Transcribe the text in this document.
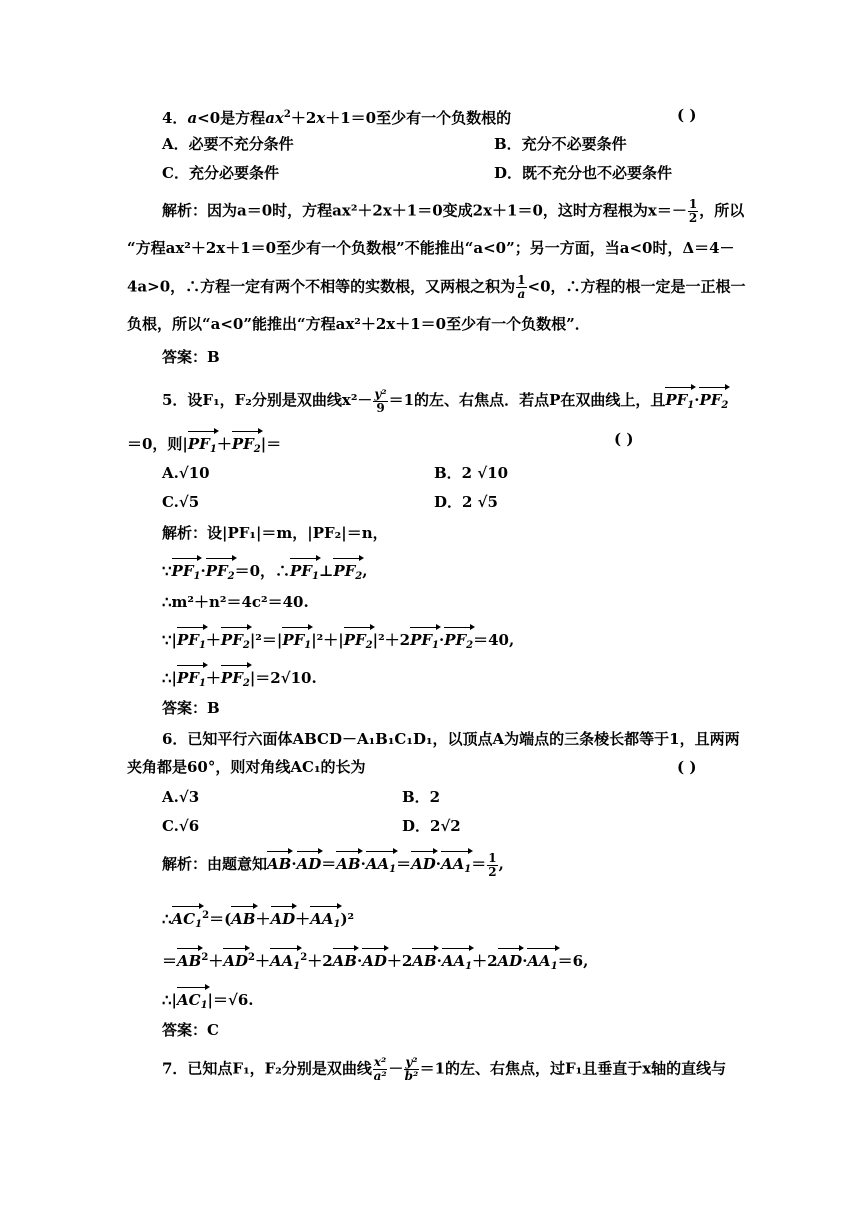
4．a<0是方程$ax^2+2x+1=0$至少有一个负数根的	( )
A．必要不充分条件	B．充分不必要条件
C．充分必要条件	D．既不充分也不必要条件
解析：因为a＝0时，方程ax²＋2x＋1＝0变成2x＋1＝0，这时方程根为$x=- \frac{1}{2}$ ，所以
“方程ax²＋2x＋1＝0至少有一个负数根”不能推出“a<0”；另一方面，当a<0时，Δ＝4－
4a>0，∴方程一定有两个不相等的实数根，又两根之积为 $\frac{1}{a} <0$，∴方程的根一定是一正根一
负根，所以“a<0”能推出“方程ax²＋2x＋1＝0至少有一个负数根”．
答案：B
5．设F₁，F₂分别是双曲线$x^2- \frac{\text{y²}}{9} =1$的左、右焦点．若点P在双曲线上，且$PF_1\cdot PF_2$
＝0，则$|PF_1+PF_2|=$	( )
A.√10	B．2 √10
C.√5	D．2 √5
解析：设|PF₁|＝m，|PF₂|＝n，
$\because PF_1\cdot PF_2=0$，$\therefore PF_1\perp PF_2$,
∴m²＋n²＝4c²＝40.
$\because|PF_1+PF_2|^2=|PF_1|^2+|PF_2|^2+2PF_1\cdot PF_2=40$,
$\therefore|PF_1+PF_2|=2√10$.
答案：B
6．已知平行六面体ABCD－A₁B₁C₁D₁，以顶点A为端点的三条棱长都等于1，且两两
夹角都是60°，则对角线AC₁的长为	( )
A.√3	B．2
C.√6	D．2√2
解析：由题意知$AB\cdot AD=AB\cdot AA_1=AD\cdot AA_1= \frac{1}{2}$ ,
$\therefore AC_1^2=(AB+AD+AA_1)^2$
$=AB^2+AD^2+AA_1^2+2AB\cdot AD+2AB\cdot AA_1+2AD\cdot AA_1=6$,
$\therefore|AC_1|=√6$.
答案：C
7．已知点F₁，F₂分别是双曲线 $\frac{\text{x²}}{\text{a²}} - \frac{\text{y²}}{\text{b²}} =1$的左、右焦点，过F₁且垂直于x轴的直线与
